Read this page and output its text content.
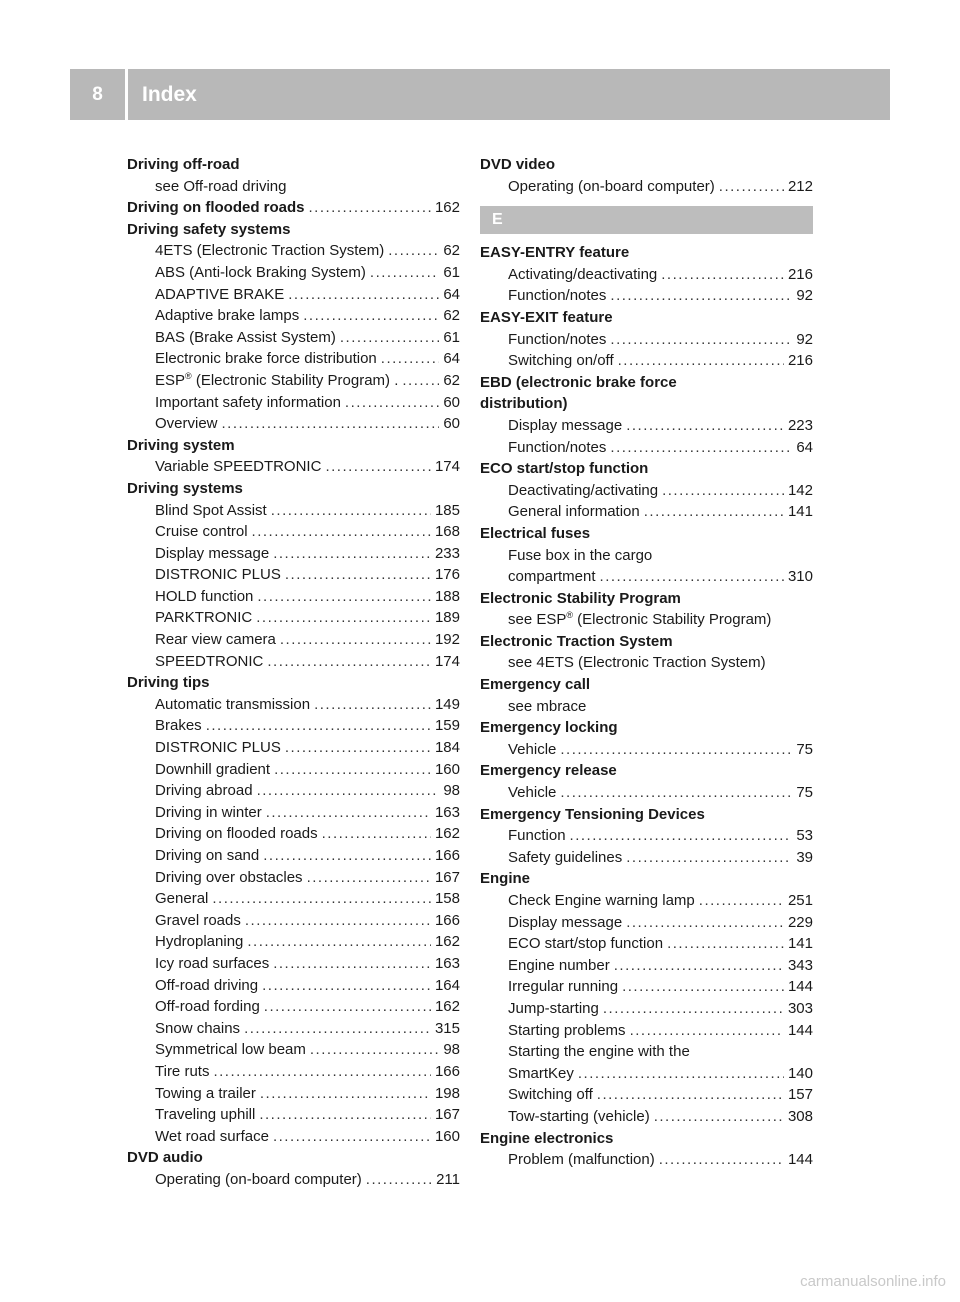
8	Index
Driving off-road
see Off-road driving
Driving on flooded roads .....	162
Driving safety systems
4ETS (Electronic Traction System) .....	62
ABS (Anti-lock Braking System) .....	61
ADAPTIVE BRAKE .....	64
Adaptive brake lamps .....	62
BAS (Brake Assist System) .....	61
Electronic brake force distribution .....	64
ESP® (Electronic Stability Program) . .....	62
Important safety information .....	60
Overview .....	60
Driving system
Variable SPEEDTRONIC .....	174
Driving systems
Blind Spot Assist .....	185
Cruise control .....	168
Display message .....	233
DISTRONIC PLUS .....	176
HOLD function .....	188
PARKTRONIC .....	189
Rear view camera .....	192
SPEEDTRONIC .....	174
Driving tips
Automatic transmission .....	149
Brakes .....	159
DISTRONIC PLUS .....	184
Downhill gradient .....	160
Driving abroad .....	98
Driving in winter .....	163
Driving on flooded roads .....	162
Driving on sand .....	166
Driving over obstacles .....	167
General .....	158
Gravel roads .....	166
Hydroplaning .....	162
Icy road surfaces .....	163
Off-road driving .....	164
Off-road fording .....	162
Snow chains .....	315
Symmetrical low beam .....	98
Tire ruts .....	166
Towing a trailer .....	198
Traveling uphill .....	167
Wet road surface .....	160
DVD audio
Operating (on-board computer) .....	211
DVD video
Operating (on-board computer) .....	212
E
EASY-ENTRY feature
Activating/deactivating .....	216
Function/notes .....	92
EASY-EXIT feature
Function/notes .....	92
Switching on/off .....	216
EBD (electronic brake force
distribution)
Display message .....	223
Function/notes .....	64
ECO start/stop function
Deactivating/activating .....	142
General information .....	141
Electrical fuses
Fuse box in the cargo
compartment .....	310
Electronic Stability Program
see ESP® (Electronic Stability Program)
Electronic Traction System
see 4ETS (Electronic Traction System)
Emergency call
see mbrace
Emergency locking
Vehicle .....	75
Emergency release
Vehicle .....	75
Emergency Tensioning Devices
Function .....	53
Safety guidelines .....	39
Engine
Check Engine warning lamp .....	251
Display message .....	229
ECO start/stop function .....	141
Engine number .....	343
Irregular running .....	144
Jump-starting .....	303
Starting problems .....	144
Starting the engine with the
SmartKey .....	140
Switching off .....	157
Tow-starting (vehicle) .....	308
Engine electronics
Problem (malfunction) .....	144
carmanualsonline.info
